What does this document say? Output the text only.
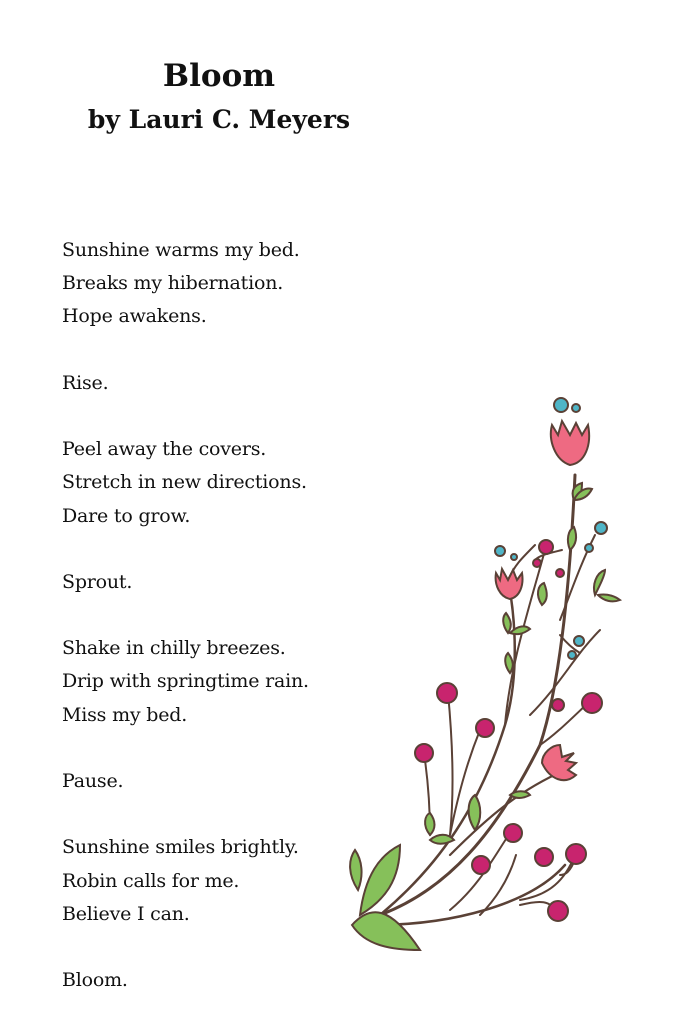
Bloom
by Lauri C. Meyers
Sunshine warms my bed.
Breaks my hibernation.
Hope awakens.
Rise.
Peel away the covers.
Stretch in new directions.
Dare to grow.
Sprout.
Shake in chilly breezes.
Drip with springtime rain.
Miss my bed.
Pause.
Sunshine smiles brightly.
Robin calls for me.
Believe I can.
Bloom.
